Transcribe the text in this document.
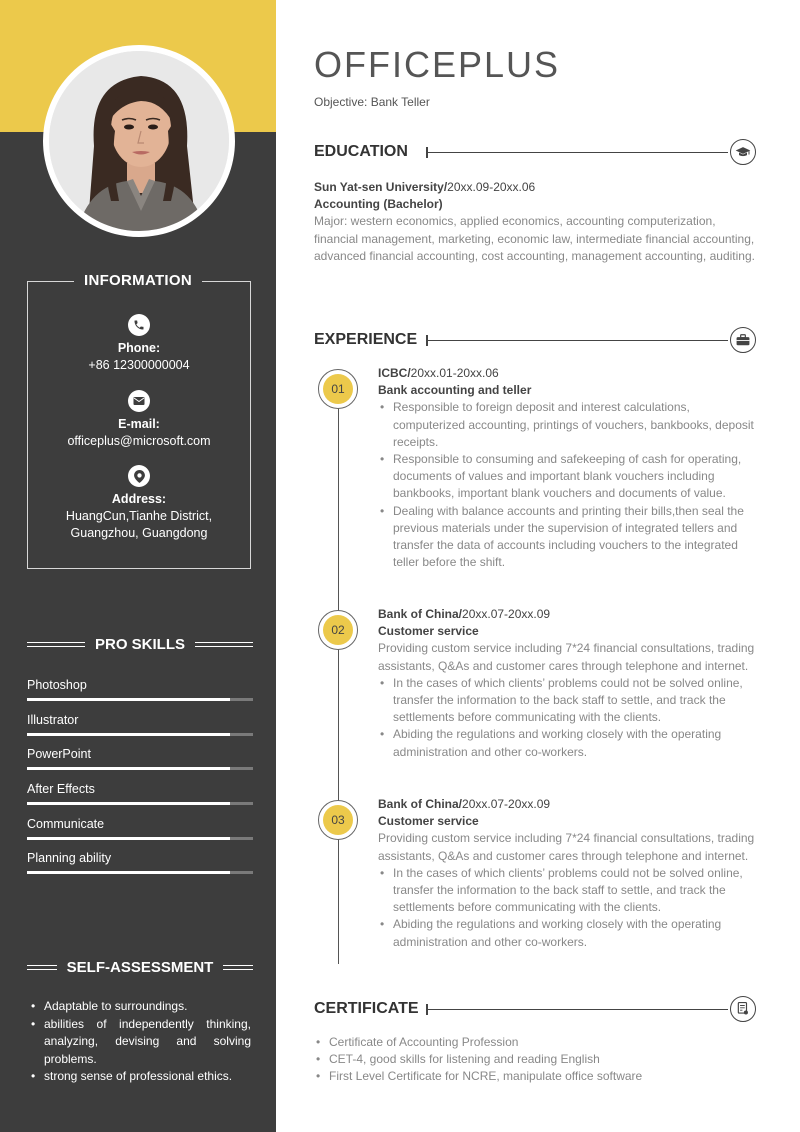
INFORMATION
Phone:
+86 12300000004
E-mail:
officeplus@microsoft.com
Address:
HuangCun,Tianhe District,
Guangzhou, Guangdong
PRO SKILLS
Photoshop
Illustrator
PowerPoint
After Effects
Communicate
Planning ability
SELF-ASSESSMENT
• Adaptable to surroundings.
• abilities of independently thinking, analyzing, devising and solving problems.
• strong sense of professional ethics.
OFFICEPLUS
Objective: Bank Teller
EDUCATION
Sun Yat-sen University/20xx.09-20xx.06
Accounting (Bachelor)
Major: western economics, applied economics, accounting computerization, financial management, marketing, economic law, intermediate financial accounting, advanced financial accounting, cost accounting, management accounting, auditing.
EXPERIENCE
01
02
03
ICBC/20xx.01-20xx.06
Bank accounting and teller
• Responsible to foreign deposit and interest calculations, computerized accounting, printings of vouchers, bankbooks, deposit receipts.
• Responsible to consuming and safekeeping of cash for operating, documents of values and important blank vouchers including bankbooks, important blank vouchers and documents of value.
• Dealing with balance accounts and printing their bills,then seal the previous materials under the supervision of integrated tellers and transfer the data of accounts including vouchers to the integrated teller before the shift.
Bank of China/20xx.07-20xx.09
Customer service
Providing custom service including 7*24 financial consultations, trading assistants, Q&As and customer cares through telephone and internet.
• In the cases of which clients’ problems could not be solved online, transfer the information to the back staff to settle, and track the settlements before communicating with the clients.
• Abiding the regulations and working closely with the operating administration and other co-workers.
Bank of China/20xx.07-20xx.09
Customer service
Providing custom service including 7*24 financial consultations, trading assistants, Q&As and customer cares through telephone and internet.
• In the cases of which clients’ problems could not be solved online, transfer the information to the back staff to settle, and track the settlements before communicating with the clients.
• Abiding the regulations and working closely with the operating administration and other co-workers.
CERTIFICATE
• Certificate of Accounting Profession
• CET-4, good skills for listening and reading English
• First Level Certificate for NCRE, manipulate office software
